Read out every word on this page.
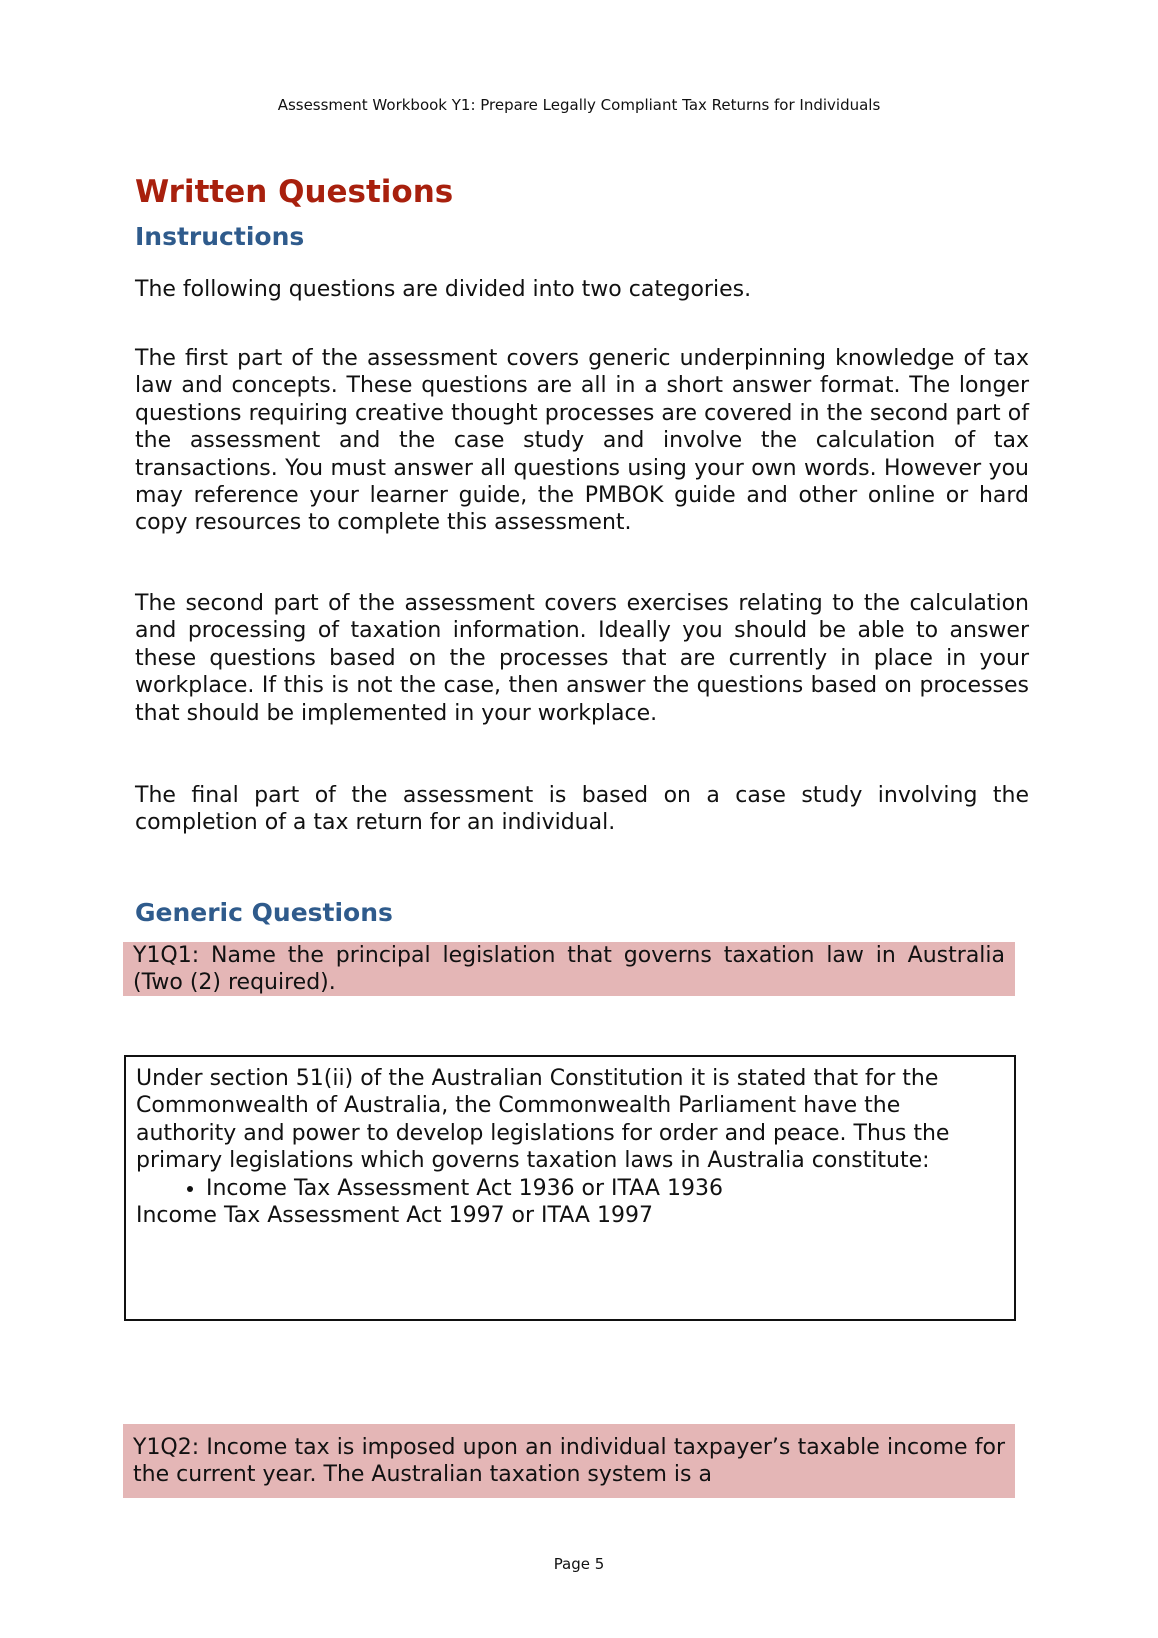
Assessment Workbook Y1: Prepare Legally Compliant Tax Returns for Individuals
Written Questions
Instructions

The following questions are divided into two categories.

The first part of the assessment covers generic underpinning knowledge of tax law and concepts. These questions are all in a short answer format. The longer questions requiring creative thought processes are covered in the second part of the assessment and the case study and involve the calculation of tax transactions. You must answer all questions using your own words. However you may reference your learner guide, the PMBOK guide and other online or hard copy resources to complete this assessment.

The second part of the assessment covers exercises relating to the calculation and processing of taxation information. Ideally you should be able to answer these questions based on the processes that are currently in place in your workplace. If this is not the case, then answer the questions based on processes that should be implemented in your workplace.

The final part of the assessment is based on a case study involving the completion of a tax return for an individual.

Generic Questions
Y1Q1: Name the principal legislation that governs taxation law in Australia (Two (2) required).

Under section 51(ii) of the Australian Constitution it is stated that for the Commonwealth of Australia, the Commonwealth Parliament have the authority and power to develop legislations for order and peace. Thus the primary legislations which governs taxation laws in Australia constitute:

• Income Tax Assessment Act 1936 or ITAA 1936

Income Tax Assessment Act 1997 or ITAA 1997

Y1Q2: Income tax is imposed upon an individual taxpayer’s taxable income for the current year. The Australian taxation system is a
Page 5
